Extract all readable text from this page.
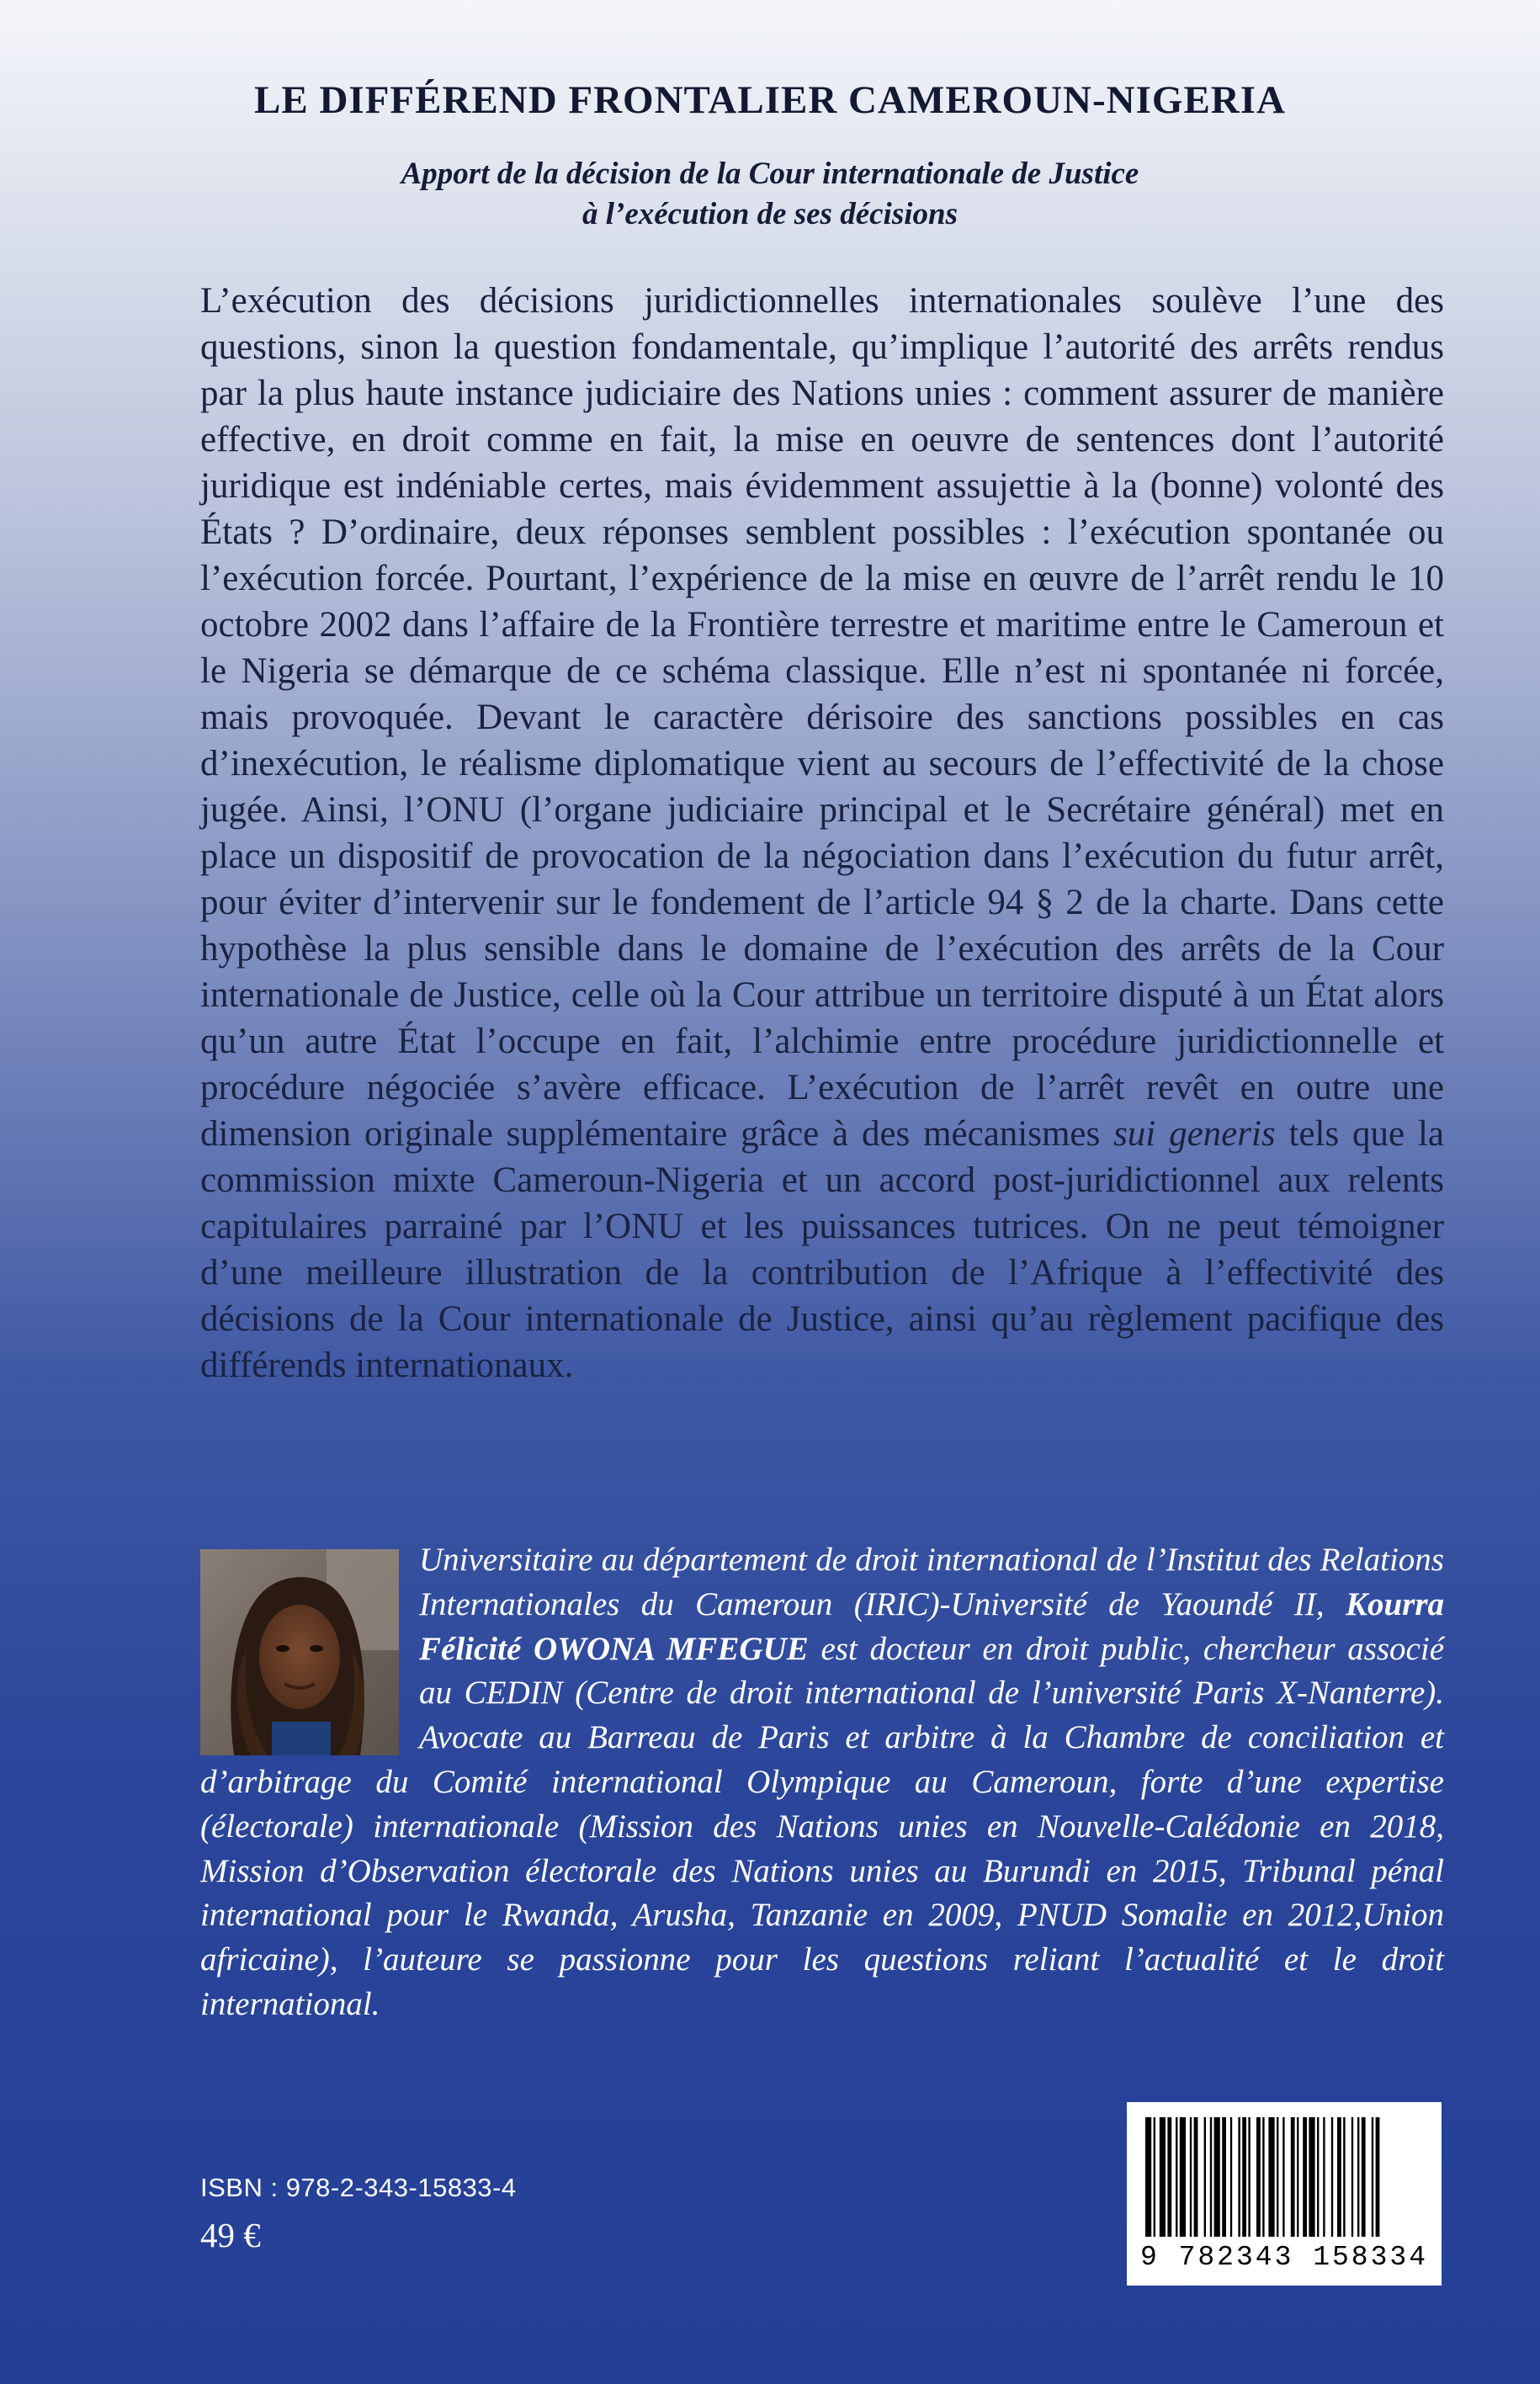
LE DIFFÉREND FRONTALIER CAMEROUN-NIGERIA
Apport de la décision de la Cour internationale de Justice
à l’exécution de ses décisions
L’exécution des décisions juridictionnelles internationales soulève l’une des questions, sinon la question fondamentale, qu’implique l’autorité des arrêts rendus par la plus haute instance judiciaire des Nations unies : comment assurer de manière effective, en droit comme en fait, la mise en oeuvre de sentences dont l’autorité juridique est indéniable certes, mais évidemment assujettie à la (bonne) volonté des États ? D’ordinaire, deux réponses semblent possibles : l’exécution spontanée ou l’exécution forcée. Pourtant, l’expérience de la mise en œuvre de l’arrêt rendu le 10 octobre 2002 dans l’affaire de la Frontière terrestre et maritime entre le Cameroun et le Nigeria se démarque de ce schéma classique. Elle n’est ni spontanée ni forcée, mais provoquée. Devant le caractère dérisoire des sanctions possibles en cas d’inexécution, le réalisme diplomatique vient au secours de l’effectivité de la chose jugée. Ainsi, l’ONU (l’organe judiciaire principal et le Secrétaire général) met en place un dispositif de provocation de la négociation dans l’exécution du futur arrêt, pour éviter d’intervenir sur le fondement de l’article 94 § 2 de la charte. Dans cette hypothèse la plus sensible dans le domaine de l’exécution des arrêts de la Cour internationale de Justice, celle où la Cour attribue un territoire disputé à un État alors qu’un autre État l’occupe en fait, l’alchimie entre procédure juridictionnelle et procédure négociée s’avère efficace. L’exécution de l’arrêt revêt en outre une dimension originale supplémentaire grâce à des mécanismes sui generis tels que la commission mixte Cameroun-Nigeria et un accord post-juridictionnel aux relents capitulaires parrainé par l’ONU et les puissances tutrices. On ne peut témoigner d’une meilleure illustration de la contribution de l’Afrique à l’effectivité des décisions de la Cour internationale de Justice, ainsi qu’au règlement pacifique des différends internationaux.
Universitaire au département de droit international de l’Institut des Relations Internationales du Cameroun (IRIC)-Université de Yaoundé II, Kourra Félicité OWONA MFEGUE est docteur en droit public, chercheur associé au CEDIN (Centre de droit international de l’université Paris X-Nanterre). Avocate au Barreau de Paris et arbitre à la Chambre de conciliation et d’arbitrage du Comité international Olympique au Cameroun, forte d’une expertise (électorale) internationale (Mission des Nations unies en Nouvelle-Calédonie en 2018, Mission d’Observation électorale des Nations unies au Burundi en 2015, Tribunal pénal international pour le Rwanda, Arusha, Tanzanie en 2009, PNUD Somalie en 2012,Union africaine), l’auteure se passionne pour les questions reliant l’actualité et le droit international.
ISBN : 978-2-343-15833-4
49 €
9 782343 158334
